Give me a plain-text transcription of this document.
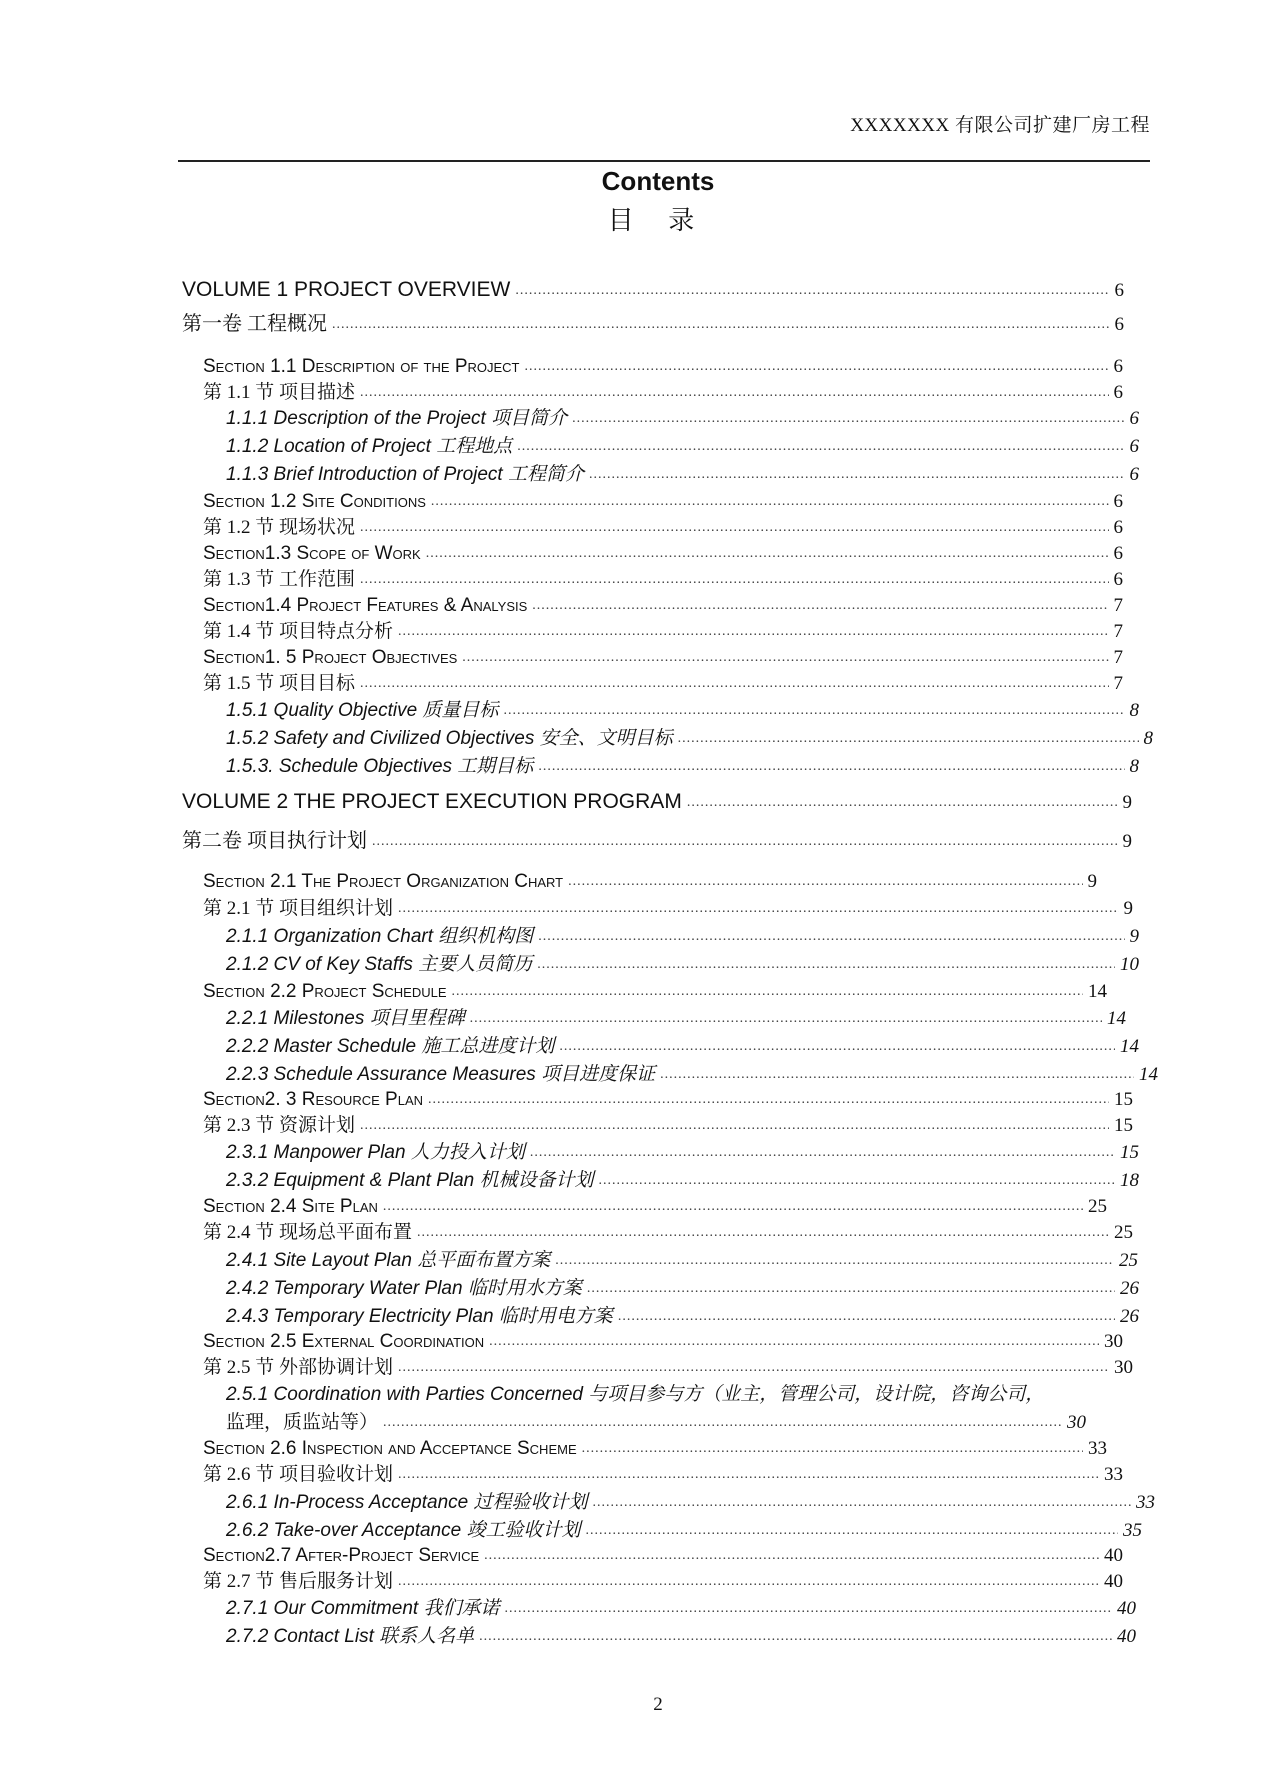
XXXXXXX 有限公司扩建厂房工程
Contents
目 录
VOLUME 1 PROJECT OVERVIEW .....	6
第一卷 工程概况 .....	6
Section 1.1 Description of the Project .....	6
第 1.1 节 项目描述 .....	6
1.1.1 Description of the Project 项目简介 .....	6
1.1.2 Location of Project 工程地点 .....	6
1.1.3 Brief Introduction of Project 工程简介 .....	6
Section 1.2 Site Conditions .....	6
第 1.2 节 现场状况 .....	6
Section1.3 Scope of Work .....	6
第 1.3 节 工作范围 .....	6
Section1.4 Project Features & Analysis .....	7
第 1.4 节 项目特点分析 .....	7
Section1. 5 Project Objectives .....	7
第 1.5 节 项目目标 .....	7
1.5.1 Quality Objective 质量目标 .....	8
1.5.2 Safety and Civilized Objectives 安全、文明目标 .....	8
1.5.3. Schedule Objectives 工期目标 .....	8
VOLUME 2 THE PROJECT EXECUTION PROGRAM .....	9
第二卷 项目执行计划 .....	9
Section 2.1 The Project Organization Chart .....	9
第 2.1 节 项目组织计划 .....	9
2.1.1 Organization Chart 组织机构图 .....	9
2.1.2 CV of Key Staffs 主要人员简历 .....	10
Section 2.2 Project Schedule .....	14
2.2.1 Milestones 项目里程碑 .....	14
2.2.2 Master Schedule 施工总进度计划 .....	14
2.2.3 Schedule Assurance Measures 项目进度保证 .....	14
Section2. 3 Resource Plan .....	15
第 2.3 节 资源计划 .....	15
2.3.1 Manpower Plan 人力投入计划 .....	15
2.3.2 Equipment & Plant Plan 机械设备计划 .....	18
Section 2.4 Site Plan .....	25
第 2.4 节 现场总平面布置 .....	25
2.4.1 Site Layout Plan 总平面布置方案 .....	25
2.4.2 Temporary Water Plan 临时用水方案 .....	26
2.4.3 Temporary Electricity Plan 临时用电方案 .....	26
Section 2.5 External Coordination .....	30
第 2.5 节 外部协调计划 .....	30
2.5.1 Coordination with Parties Concerned 与项目参与方（业主，管理公司，设计院，咨询公司，
监理，质监站等） .....	30
Section 2.6 Inspection and Acceptance Scheme .....	33
第 2.6 节 项目验收计划 .....	33
2.6.1 In-Process Acceptance 过程验收计划 .....	33
2.6.2 Take-over Acceptance 竣工验收计划 .....	35
Section2.7 After-Project Service .....	40
第 2.7 节 售后服务计划 .....	40
2.7.1 Our Commitment 我们承诺 .....	40
2.7.2 Contact List 联系人名单 .....	40
2
